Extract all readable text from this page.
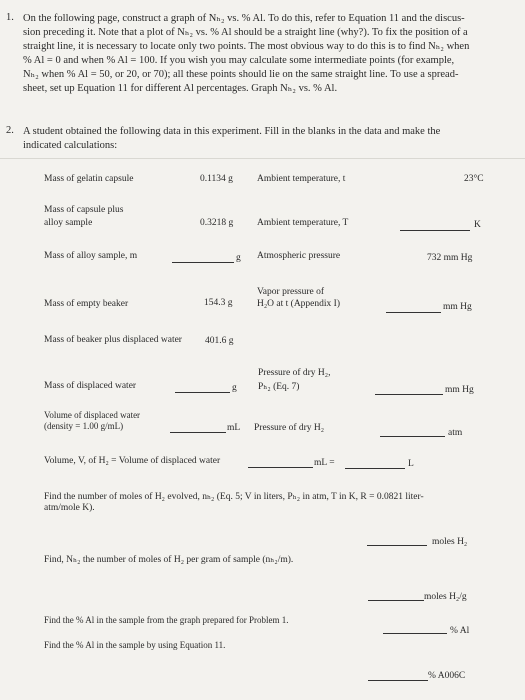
1. On the following page, construct a graph of Nₕ₂ vs. % Al. To do this, refer to Equation 11 and the discus-
sion preceding it. Note that a plot of Nₕ₂ vs. % Al should be a straight line (why?). To fix the position of a
straight line, it is necessary to locate only two points. The most obvious way to do this is to find Nₕ₂ when
% Al = 0 and when % Al = 100. If you wish you may calculate some intermediate points (for example,
Nₕ₂ when % Al = 50, or 20, or 70); all these points should lie on the same straight line. To use a spread-
sheet, set up Equation 11 for different Al percentages. Graph Nₕ₂ vs. % Al.
2. A student obtained the following data in this experiment. Fill in the blanks in the data and make the
indicated calculations:
Mass of gelatin capsule	0.1134 g	Ambient temperature, t	23°C
Mass of capsule plus
alloy sample	0.3218 g	Ambient temperature, T	K
Mass of alloy sample, m	g Atmospheric pressure	732 mm Hg
Vapor pressure of
Mass of empty beaker	154.3 g	H₂O at t (Appendix I)	mm Hg
Mass of beaker plus displaced water 401.6 g
Pressure of dry H₂,
Mass of displaced water	g Pₕ₂ (Eq. 7)	mm Hg
Volume of displaced water
(density = 1.00 g/mL)	mL Pressure of dry H₂	atm
Volume, V, of H₂ = Volume of displaced water	mL =	L
Find the number of moles of H₂ evolved, nₕ₂ (Eq. 5; V in liters, Pₕ₂ in atm, T in K, R = 0.0821 liter-
atm/mole K).
moles H₂
Find, Nₕ₂ the number of moles of H₂ per gram of sample (nₕ₂/m).
moles H₂/g
Find the % Al in the sample from the graph prepared for Problem 1.
% Al
Find the % Al in the sample by using Equation 11.
% A006C
